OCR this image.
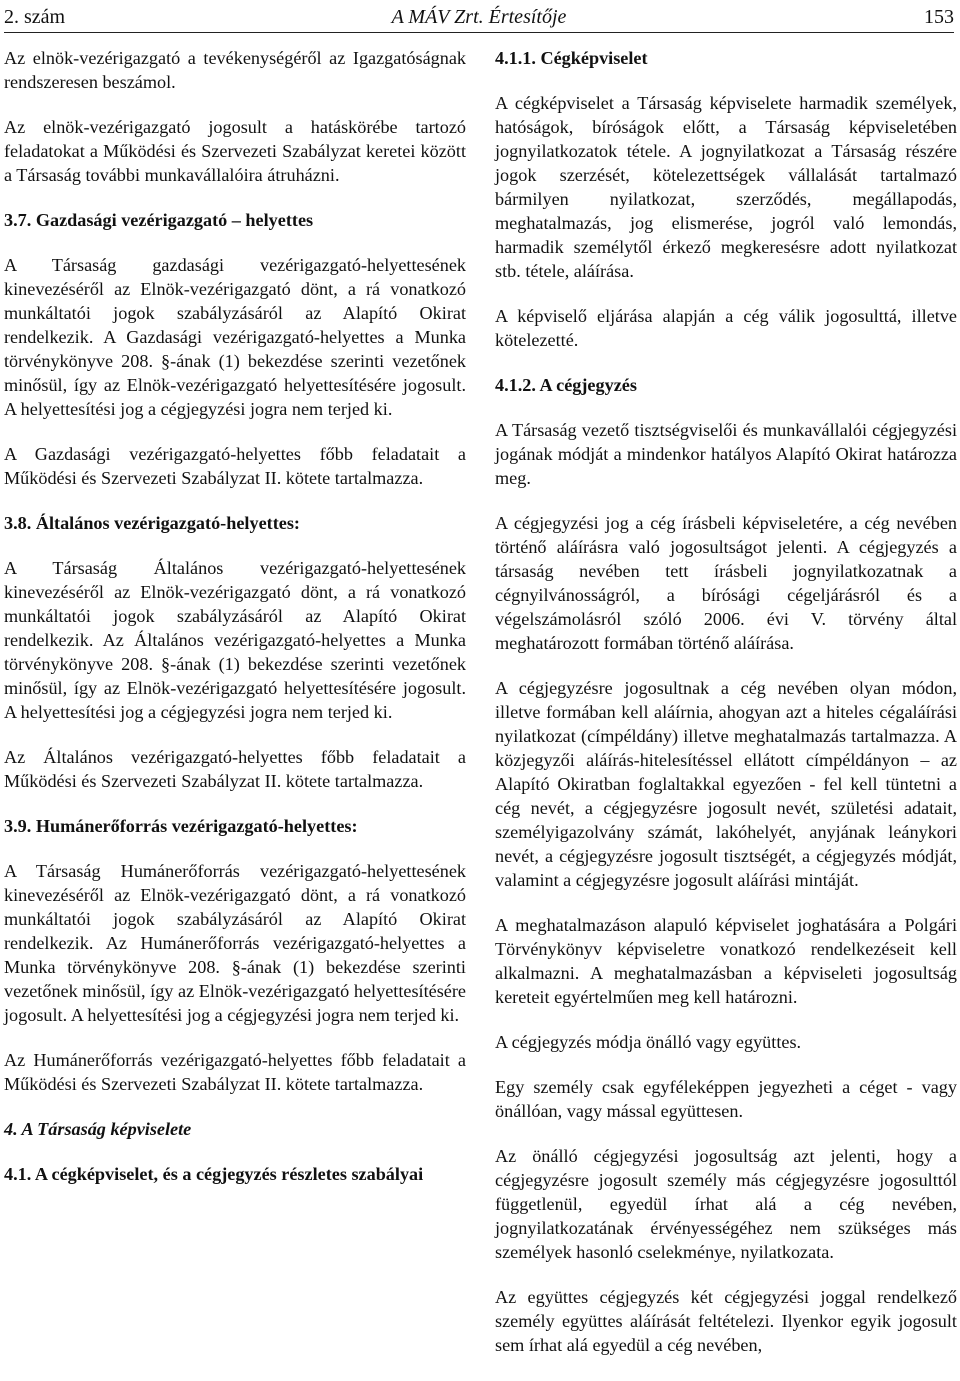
2. szám	A MÁV Zrt. Értesítője	153

Az elnök-vezérigazgató a tevékenységéről az Igazgatóságnak rendszeresen beszámol.

Az elnök-vezérigazgató jogosult a hatáskörébe tartozó feladatokat a Működési és Szervezeti Szabályzat keretei között a Társaság további munkavállalóira átruházni.

3.7. Gazdasági vezérigazgató – helyettes

A Társaság gazdasági vezérigazgató-helyettesének kinevezéséről az Elnök-vezérigazgató dönt, a rá vonatkozó munkáltatói jogok szabályzásáról az Alapító Okirat rendelkezik. A Gazdasági vezérigazgató-helyettes a Munka törvénykönyve 208. §-ának (1) bekezdése szerinti vezetőnek minősül, így az Elnök-vezérigazgató helyettesítésére jogosult. A helyettesítési jog a cégjegyzési jogra nem terjed ki.

A Gazdasági vezérigazgató-helyettes főbb feladatait a Működési és Szervezeti Szabályzat II. kötete tartalmazza.

3.8. Általános vezérigazgató-helyettes:

A Társaság Általános vezérigazgató-helyettesének kinevezéséről az Elnök-vezérigazgató dönt, a rá vonatkozó munkáltatói jogok szabályzásáról az Alapító Okirat rendelkezik. Az Általános vezérigazgató-helyettes a Munka törvénykönyve 208. §-ának (1) bekezdése szerinti vezetőnek minősül, így az Elnök-vezérigazgató helyettesítésére jogosult. A helyettesítési jog a cégjegyzési jogra nem terjed ki.

Az Általános vezérigazgató-helyettes főbb feladatait a Működési és Szervezeti Szabályzat II. kötete tartalmazza.

3.9. Humánerőforrás vezérigazgató-helyettes:

A Társaság Humánerőforrás vezérigazgató-helyettesének kinevezéséről az Elnök-vezérigazgató dönt, a rá vonatkozó munkáltatói jogok szabályzásáról az Alapító Okirat rendelkezik. Az Humánerőforrás vezérigazgató-helyettes a Munka törvénykönyve 208. §-ának (1) bekezdése szerinti vezetőnek minősül, így az Elnök-vezérigazgató helyettesítésére jogosult. A helyettesítési jog a cégjegyzési jogra nem terjed ki.

Az Humánerőforrás vezérigazgató-helyettes főbb feladatait a Működési és Szervezeti Szabályzat II. kötete tartalmazza.

4. A Társaság képviselete
4.1. A cégképviselet, és a cégjegyzés részletes szabályai
4.1.1. Cégképviselet

A cégképviselet a Társaság képviselete harmadik személyek, hatóságok, bíróságok előtt, a Társaság képviseletében jognyilatkozatok tétele. A jognyilatkozat a Társaság részére jogok szerzését, kötelezettségek vállalását tartalmazó bármilyen nyilatkozat, szerződés, megállapodás, meghatalmazás, jog elismerése, jogról való lemondás, harmadik személytől érkező megkeresésre adott nyilatkozat stb. tétele, aláírása.

A képviselő eljárása alapján a cég válik jogosulttá, illetve kötelezetté.

4.1.2. A cégjegyzés

A Társaság vezető tisztségviselői és munkavállalói cégjegyzési jogának módját a mindenkor hatályos Alapító Okirat határozza meg.

A cégjegyzési jog a cég írásbeli képviseletére, a cég nevében történő aláírásra való jogosultságot jelenti. A cégjegyzés a társaság nevében tett írásbeli jognyilatkozatnak a cégnyilvánosságról, a bírósági cégeljárásról és a végelszámolásról szóló 2006. évi V. törvény által meghatározott formában történő aláírása.

A cégjegyzésre jogosultnak a cég nevében olyan módon, illetve formában kell aláírnia, ahogyan azt a hiteles cégaláírási nyilatkozat (címpéldány) illetve meghatalmazás tartalmazza. A közjegyzői aláírás-hitelesítéssel ellátott címpéldányon – az Alapító Okiratban foglaltakkal egyezően - fel kell tüntetni a cég nevét, a cégjegyzésre jogosult nevét, születési adatait, személyigazolvány számát, lakóhelyét, anyjának leánykori nevét, a cégjegyzésre jogosult tisztségét, a cégjegyzés módját, valamint a cégjegyzésre jogosult aláírási mintáját.

A meghatalmazáson alapuló képviselet joghatására a Polgári Törvénykönyv képviseletre vonatkozó rendelkezéseit kell alkalmazni. A meghatalmazásban a képviseleti jogosultság kereteit egyértelműen meg kell határozni.

A cégjegyzés módja önálló vagy együttes.

Egy személy csak egyféleképpen jegyezheti a céget - vagy önállóan, vagy mással együttesen.

Az önálló cégjegyzési jogosultság azt jelenti, hogy a cégjegyzésre jogosult személy más cégjegyzésre jogosulttól függetlenül, egyedül írhat alá a cég nevében, jognyilatkozatának érvényességéhez nem szükséges más személyek hasonló cselekménye, nyilatkozata.

Az együttes cégjegyzés két cégjegyzési joggal rendelkező személy együttes aláírását feltételezi. Ilyenkor egyik jogosult sem írhat alá egyedül a cég nevében,
